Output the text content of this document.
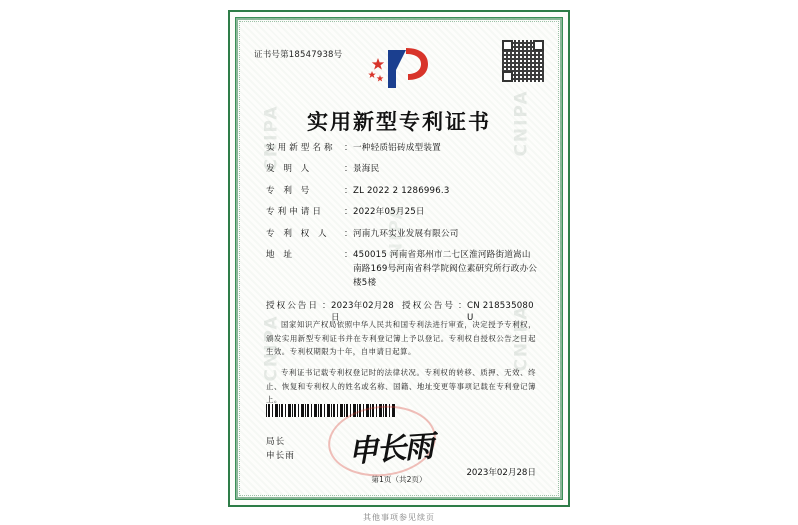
CNIPA
CNIPA
CNIPA
CNIPA
CNIPA
证书号第18547938号
实用新型专利证书
实用新型名称 ： 一种轻质铝砖成型装置
发 明 人	： 景海民
专 利 号	： ZL 2022 2 1286996.3
专利申请日	： 2022年05月25日
专 利 权 人	： 河南九环实业发展有限公司
地 址	： 450015 河南省郑州市二七区淮河路街道嵩山南路169号河南省科学院阀位素研究所行政办公楼5楼
授权公告日 ： 2023年02月28日
授权公告号 ： CN 218535080 U
国家知识产权局依照中华人民共和国专利法进行审查，决定授予专利权，颁发实用新型专利证书并在专利登记簿上予以登记。专利权自授权公告之日起生效。专利权期限为十年，自申请日起算。
专利证书记载专利权登记时的法律状况。专利权的转移、质押、无效、终止、恢复和专利权人的姓名或名称、国籍、地址变更等事项记载在专利登记簿上。
局长
申长雨 申长雨
2023年02月28日
第1页（共2页）
其他事项参见续页
